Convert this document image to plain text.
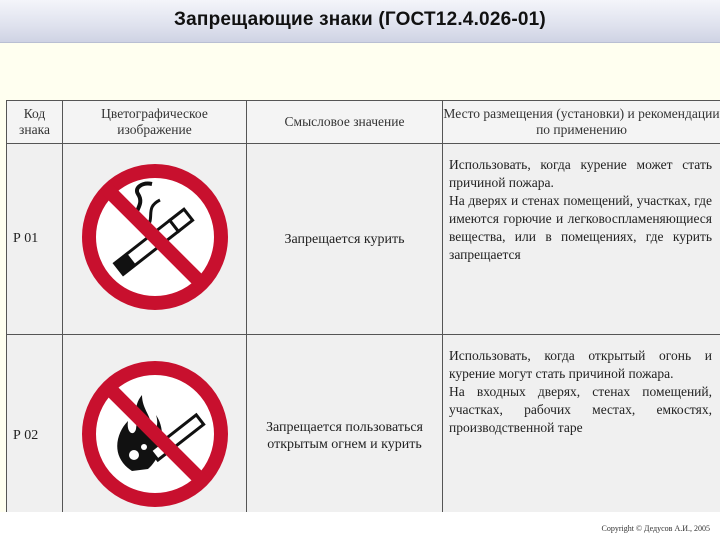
Запрещающие знаки (ГОСТ12.4.026-01)
Код знака	Цветографическое изображение	Смысловое значение	Место размещения (установки) и рекомендации по применению
Р 01		Запрещается курить	Использовать, когда курение может стать причиной пожара.
На дверях и стенах помещений, участках, где имеются горючие и легковоспламеняющиеся вещества, или в помещениях, где курить запрещается
Р 02		Запрещается пользоваться открытым огнем и курить	Использовать, когда открытый огонь и курение могут стать причиной пожара.
На входных дверях, стенах помещений, участках, рабочих местах, емкостях, производственной таре
Copyright © Дедусов А.И., 2005
